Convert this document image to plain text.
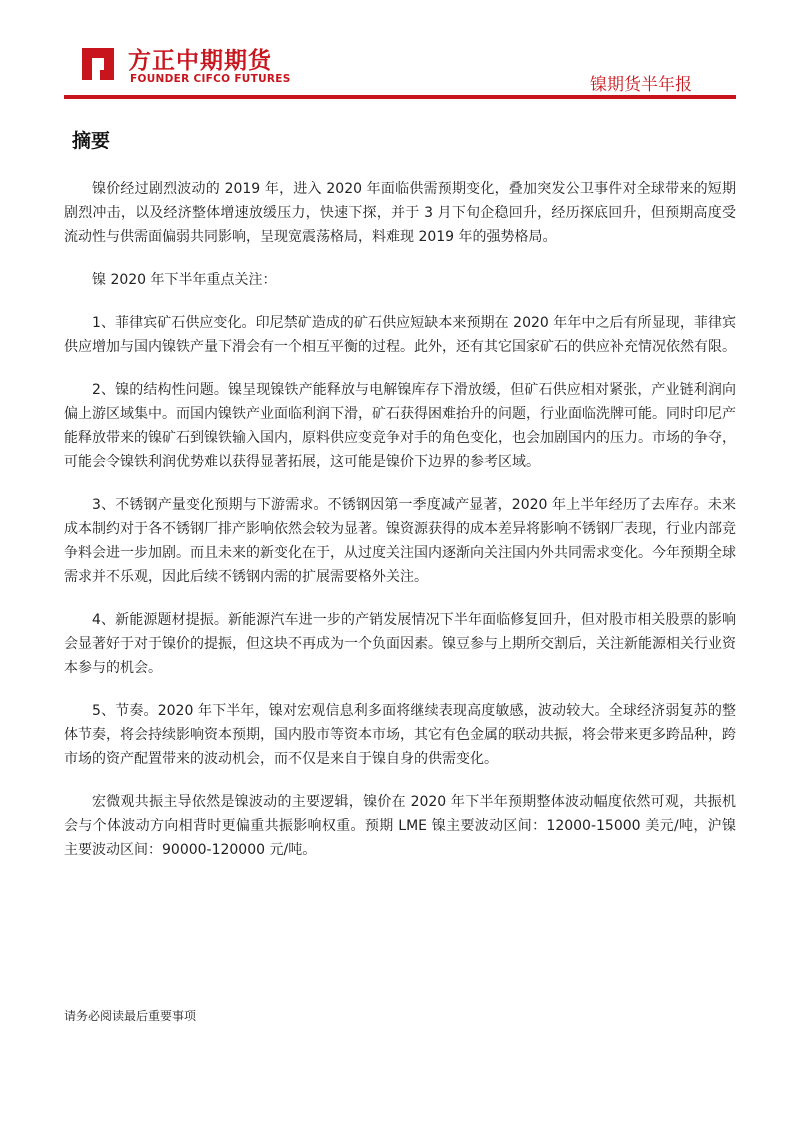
方正中期期货
FOUNDER CIFCO FUTURES	镍期货半年报
摘要

镍价经过剧烈波动的 2019 年，进入 2020 年面临供需预期变化，叠加突发公卫事件对全球带来的短期剧烈冲击，以及经济整体增速放缓压力，快速下探，并于 3 月下旬企稳回升，经历探底回升，但预期高度受流动性与供需面偏弱共同影响，呈现宽震荡格局，料难现 2019 年的强势格局。

镍 2020 年下半年重点关注：

1、菲律宾矿石供应变化。印尼禁矿造成的矿石供应短缺本来预期在 2020 年年中之后有所显现，菲律宾供应增加与国内镍铁产量下滑会有一个相互平衡的过程。此外，还有其它国家矿石的供应补充情况依然有限。

2、镍的结构性问题。镍呈现镍铁产能释放与电解镍库存下滑放缓，但矿石供应相对紧张，产业链利润向偏上游区域集中。而国内镍铁产业面临利润下滑，矿石获得困难抬升的问题，行业面临洗牌可能。同时印尼产能释放带来的镍矿石到镍铁输入国内，原料供应变竞争对手的角色变化，也会加剧国内的压力。市场的争夺，可能会令镍铁利润优势难以获得显著拓展，这可能是镍价下边界的参考区域。

3、不锈钢产量变化预期与下游需求。不锈钢因第一季度减产显著，2020 年上半年经历了去库存。未来成本制约对于各不锈钢厂排产影响依然会较为显著。镍资源获得的成本差异将影响不锈钢厂表现，行业内部竞争料会进一步加剧。而且未来的新变化在于，从过度关注国内逐渐向关注国内外共同需求变化。今年预期全球需求并不乐观，因此后续不锈钢内需的扩展需要格外关注。

4、新能源题材提振。新能源汽车进一步的产销发展情况下半年面临修复回升，但对股市相关股票的影响会显著好于对于镍价的提振，但这块不再成为一个负面因素。镍豆参与上期所交割后，关注新能源相关行业资本参与的机会。

5、节奏。2020 年下半年，镍对宏观信息利多面将继续表现高度敏感，波动较大。全球经济弱复苏的整体节奏，将会持续影响资本预期，国内股市等资本市场，其它有色金属的联动共振，将会带来更多跨品种，跨市场的资产配置带来的波动机会，而不仅是来自于镍自身的供需变化。

宏微观共振主导依然是镍波动的主要逻辑，镍价在 2020 年下半年预期整体波动幅度依然可观，共振机会与个体波动方向相背时更偏重共振影响权重。预期 LME 镍主要波动区间：12000-15000 美元/吨，沪镍主要波动区间：90000-120000 元/吨。

请务必阅读最后重要事项
